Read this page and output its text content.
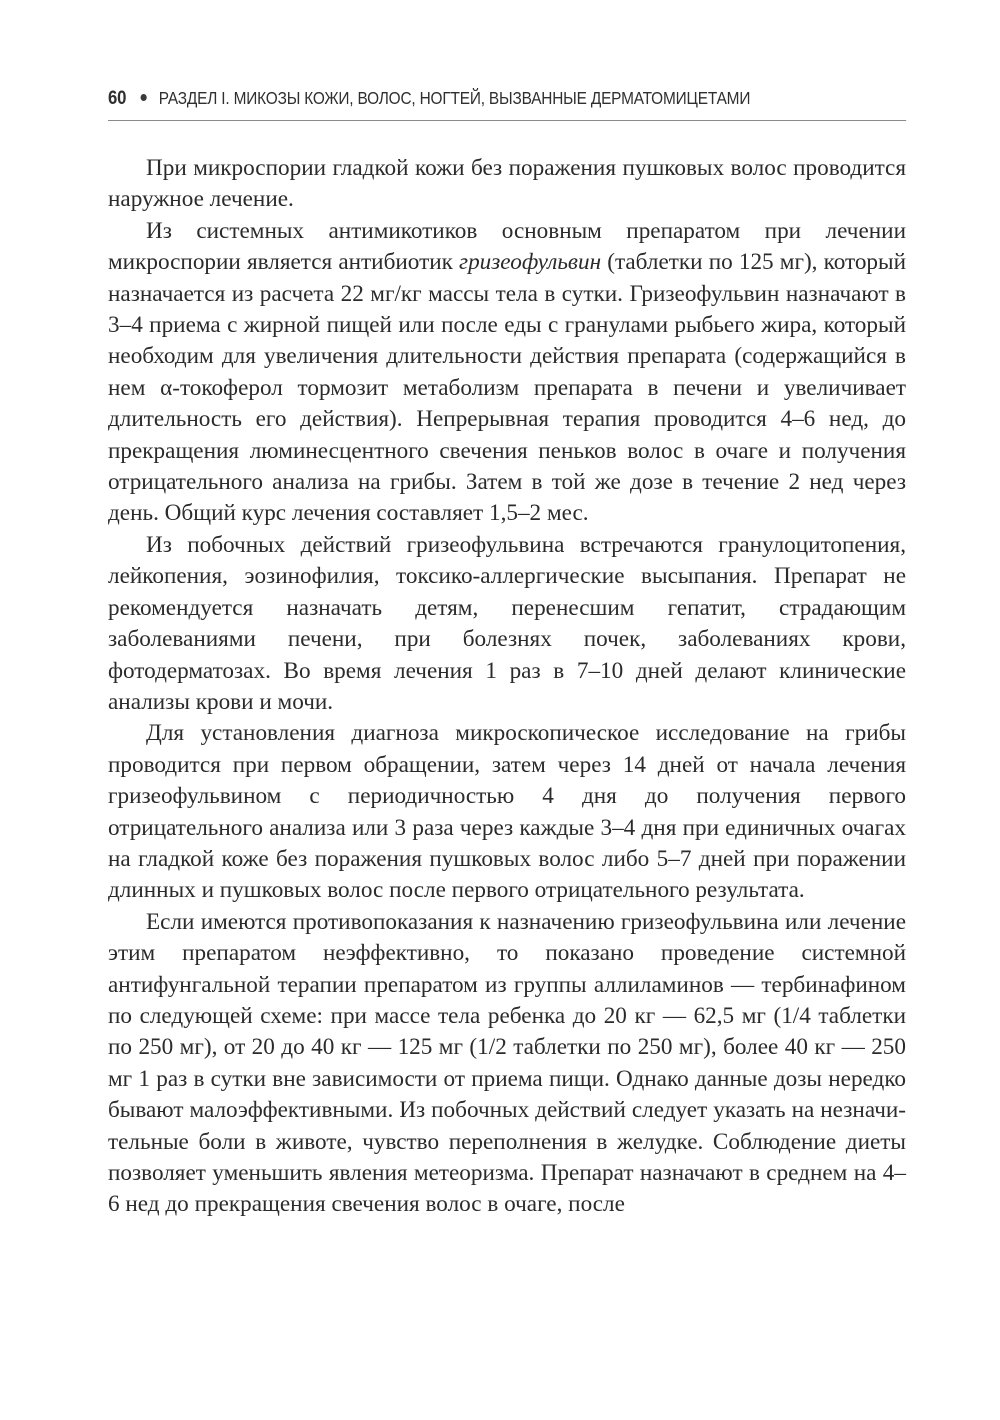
60 РАЗДЕЛ I. МИКОЗЫ КОЖИ, ВОЛОС, НОГТЕЙ, ВЫЗВАННЫЕ ДЕРМАТОМИЦЕТАМИ

При микроспории гладкой кожи без поражения пушковых волос проводится наружное лечение.

Из системных антимикотиков основным препаратом при лечении микроспории является антибиотик гризеофульвин (таблетки по 125 мг), который назначается из расчета 22 мг/кг массы тела в сутки. Гризеофульвин назначают в 3–4 приема с жирной пищей или после еды с гранулами рыбьего жира, который необходим для увеличения длительности действия препарата (содержащийся в нем α-токоферол тормозит метаболизм препарата в печени и увеличивает длительность его действия). Непрерывная терапия проводится 4–6 нед, до прекращения люминесцентного свечения пеньков волос в очаге и получения отрицательного анализа на грибы. Затем в той же дозе в течение 2 нед через день. Общий курс лечения составляет 1,5–2 мес.

Из побочных действий гризеофульвина встречаются гранулоцитопения, лейкопения, эозинофилия, токсико-аллергические высыпания. Препарат не рекомендуется назначать детям, перенесшим гепатит, страдающим заболеваниями печени, при болезнях почек, заболеваниях крови, фотодерматозах. Во время лечения 1 раз в 7–10 дней делают клинические анализы крови и мочи.

Для установления диагноза микроскопическое исследование на грибы проводится при первом обращении, затем через 14 дней от начала лечения гризеофульвином с периодичностью 4 дня до получения первого отрицательного анализа или 3 раза через каждые 3–4 дня при единичных очагах на гладкой коже без поражения пушковых волос либо 5–7 дней при поражении длинных и пушковых волос после первого отрицательного результата.

Если имеются противопоказания к назначению гризеофульвина или лечение этим препаратом неэффективно, то показано проведение системной антифунгальной терапии препаратом из группы аллиламинов — тербинафином по следующей схеме: при массе тела ребенка до 20 кг — 62,5 мг (1/4 таблетки по 250 мг), от 20 до 40 кг — 125 мг (1/2 таблетки по 250 мг), более 40 кг — 250 мг 1 раз в сутки вне зависимости от приема пищи. Однако данные дозы нередко бывают малоэффективными. Из побочных действий следует указать на незначительные боли в животе, чувство переполнения в желудке. Соблюдение диеты позволяет уменьшить явления метеоризма. Препарат назначают в среднем на 4–6 нед до прекращения свечения волос в очаге, после
